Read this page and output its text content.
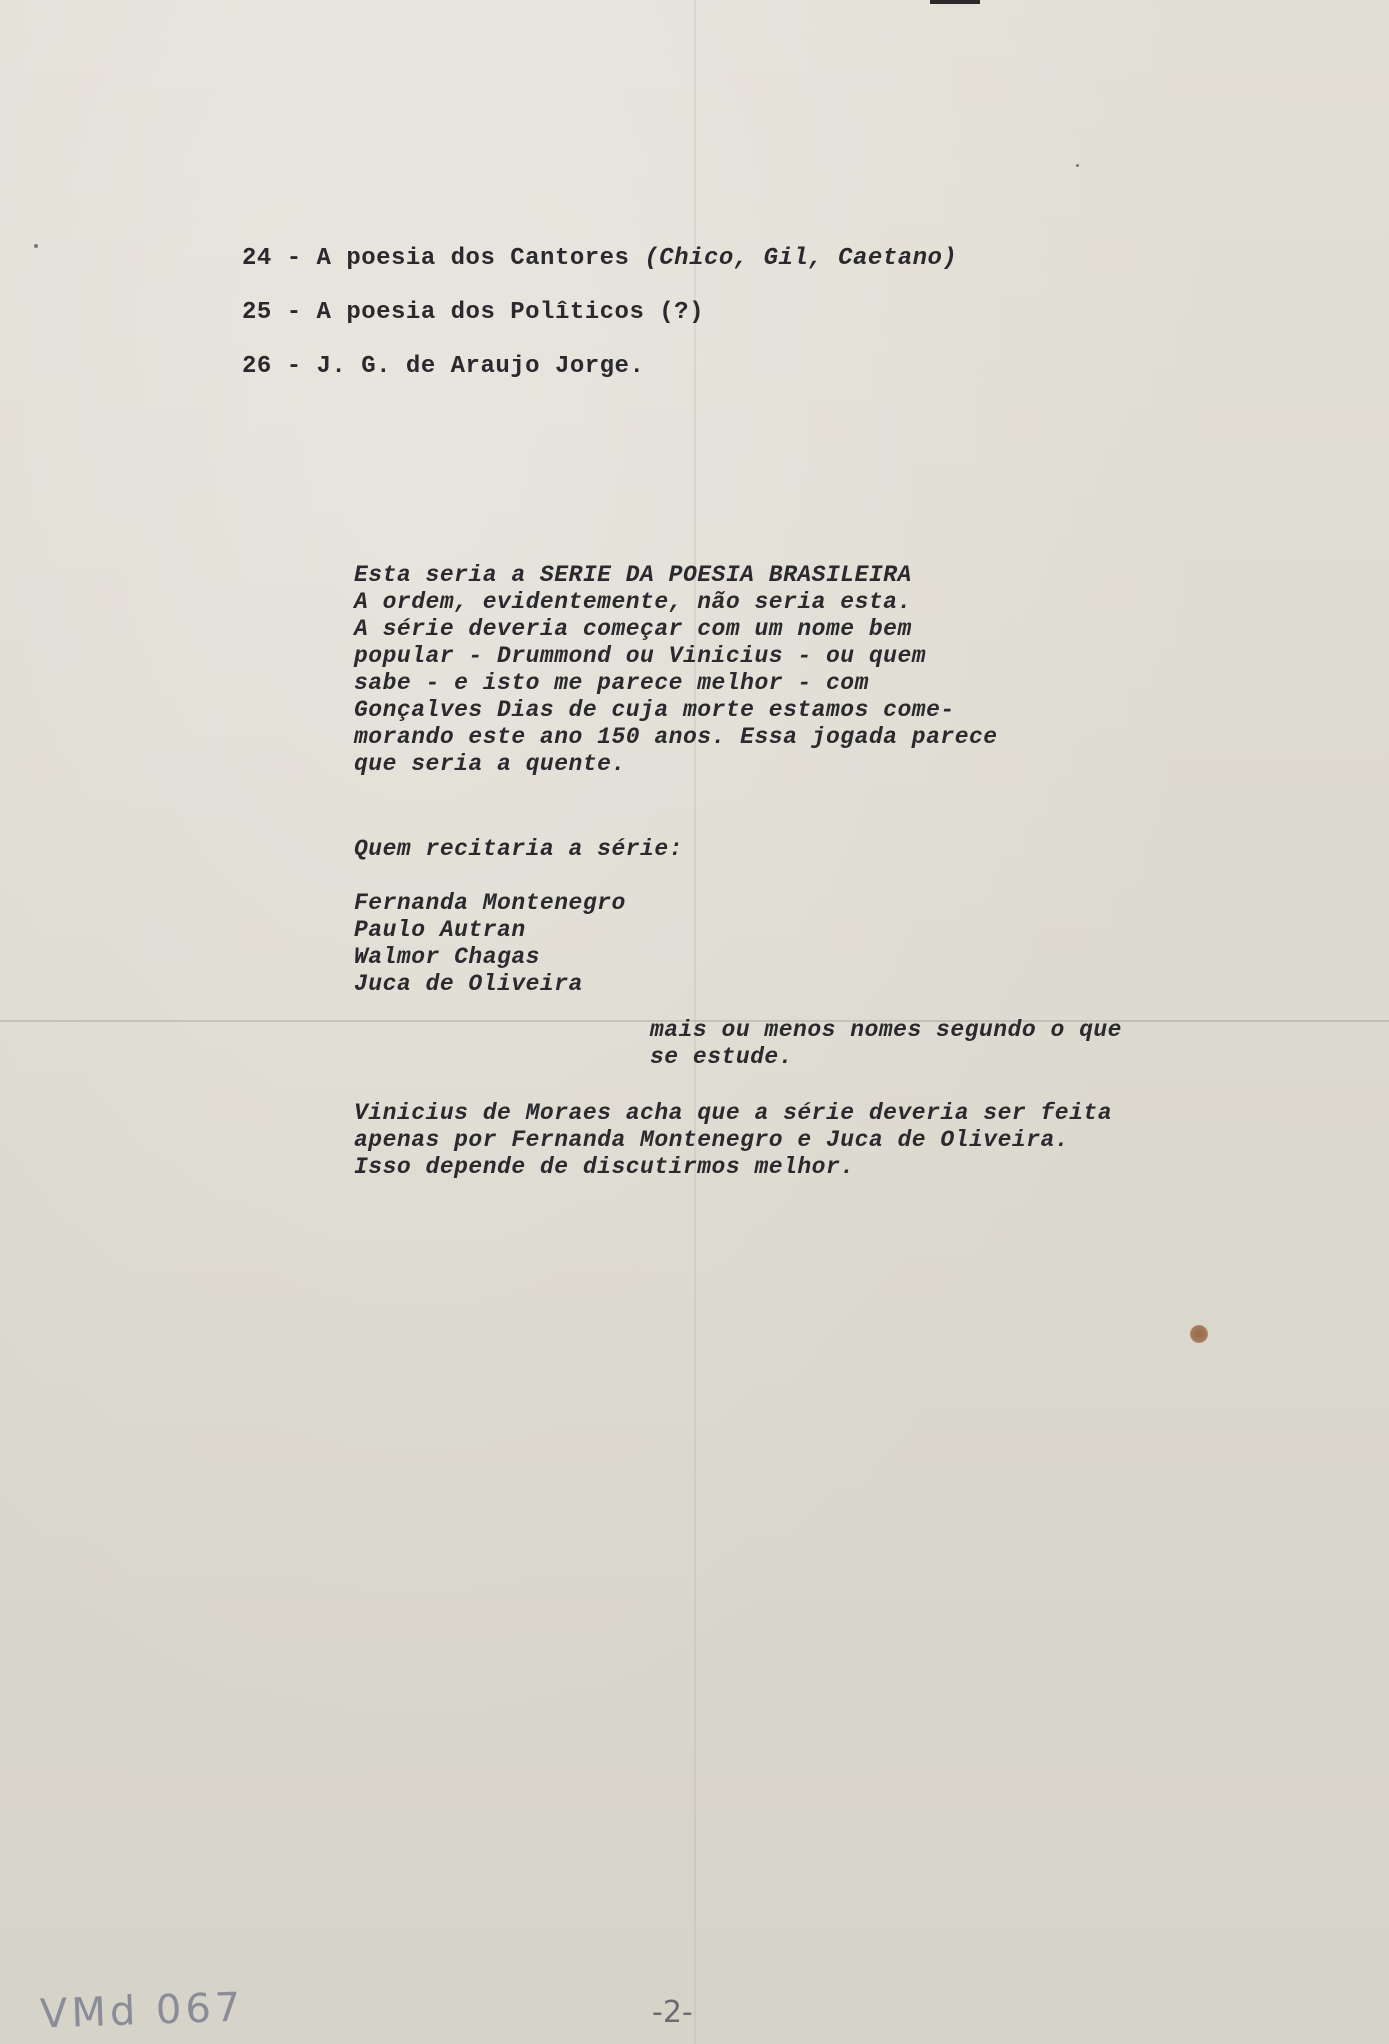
24 - A poesia dos Cantores (Chico, Gil, Caetano)
25 - A poesia dos Polîticos (?)
26 - J. G. de Araujo Jorge.
Esta seria a SERIE DA POESIA BRASILEIRA
A ordem, evidentemente, não seria esta.
A série deveria começar com um nome bem
popular - Drummond ou Vinicius - ou quem
sabe - e isto me parece melhor - com
Gonçalves Dias de cuja morte estamos come-
morando este ano 150 anos. Essa jogada parece
que seria a quente.
Quem recitaria a série:
Fernanda Montenegro
Paulo Autran
Walmor Chagas
Juca de Oliveira
mais ou menos nomes segundo o que
se estude.
Vinicius de Moraes acha que a série deveria ser feita
apenas por Fernanda Montenegro e Juca de Oliveira.
Isso depende de discutirmos melhor.
VMd 067	-2-
